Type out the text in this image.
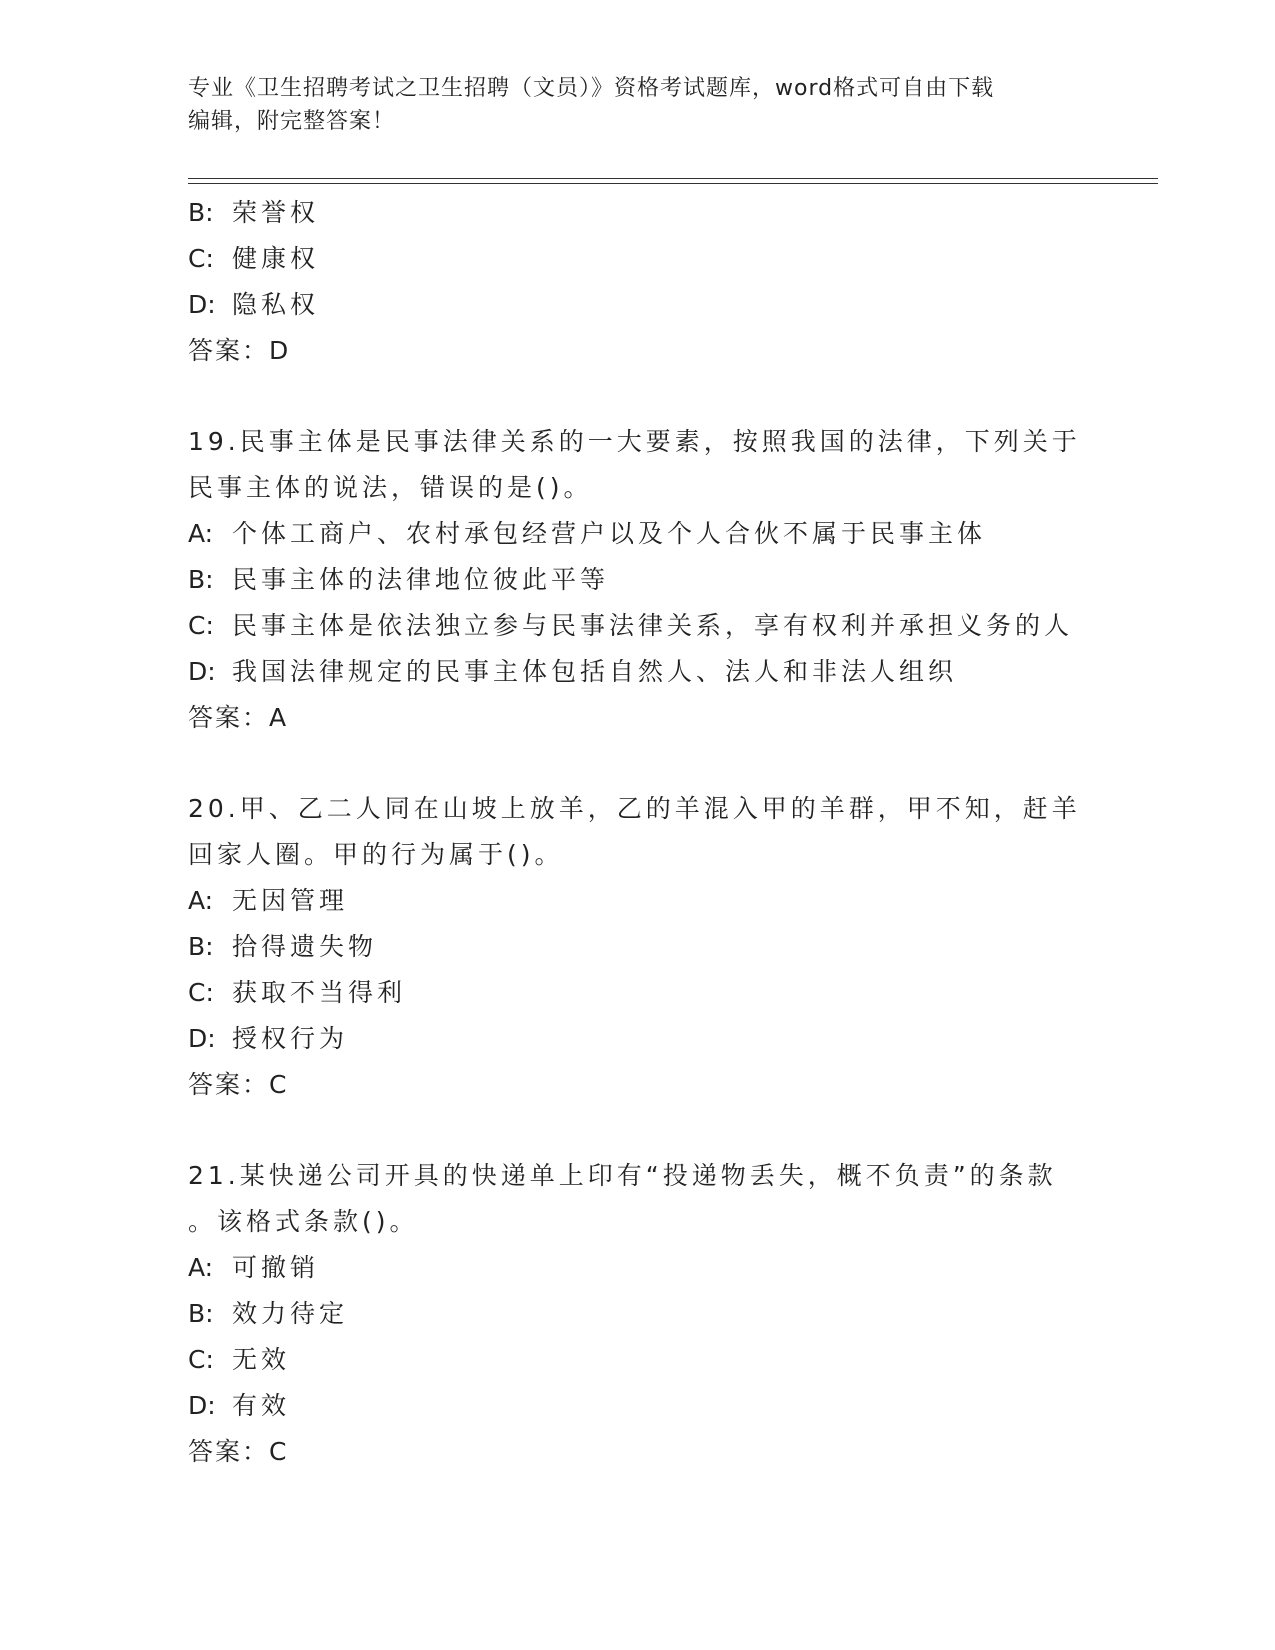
专业《卫生招聘考试之卫生招聘（文员）》资格考试题库，word格式可自由下载
编辑，附完整答案！
B: 荣誉权
C: 健康权
D: 隐私权
答案：D
19.民事主体是民事法律关系的一大要素，按照我国的法律，下列关于
民事主体的说法，错误的是()。
A: 个体工商户、农村承包经营户以及个人合伙不属于民事主体
B: 民事主体的法律地位彼此平等
C: 民事主体是依法独立参与民事法律关系，享有权利并承担义务的人
D: 我国法律规定的民事主体包括自然人、法人和非法人组织
答案：A
20.甲、乙二人同在山坡上放羊，乙的羊混入甲的羊群，甲不知，赶羊
回家人圈。甲的行为属于()。
A: 无因管理
B: 拾得遗失物
C: 获取不当得利
D: 授权行为
答案：C
21.某快递公司开具的快递单上印有“投递物丢失，概不负责”的条款
。该格式条款()。
A: 可撤销
B: 效力待定
C: 无效
D: 有效
答案：C
